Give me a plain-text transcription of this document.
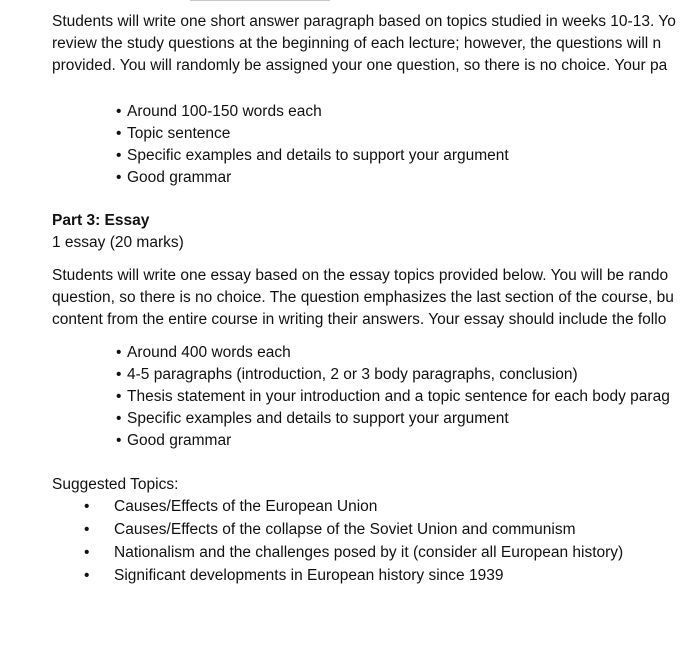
Students will write one short answer paragraph based on topics studied in weeks 10-13. Yo
review the study questions at the beginning of each lecture; however, the questions will n
provided. You will randomly be assigned your one question, so there is no choice. Your pa
• Around 100-150 words each
• Topic sentence
• Specific examples and details to support your argument
• Good grammar
Part 3: Essay
1 essay (20 marks)
Students will write one essay based on the essay topics provided below. You will be rando
question, so there is no choice. The question emphasizes the last section of the course, bu
content from the entire course in writing their answers. Your essay should include the follo
• Around 400 words each
• 4-5 paragraphs (introduction, 2 or 3 body paragraphs, conclusion)
• Thesis statement in your introduction and a topic sentence for each body parag
• Specific examples and details to support your argument
• Good grammar
Suggested Topics:
• Causes/Effects of the European Union
• Causes/Effects of the collapse of the Soviet Union and communism
• Nationalism and the challenges posed by it (consider all European history)
• Significant developments in European history since 1939
